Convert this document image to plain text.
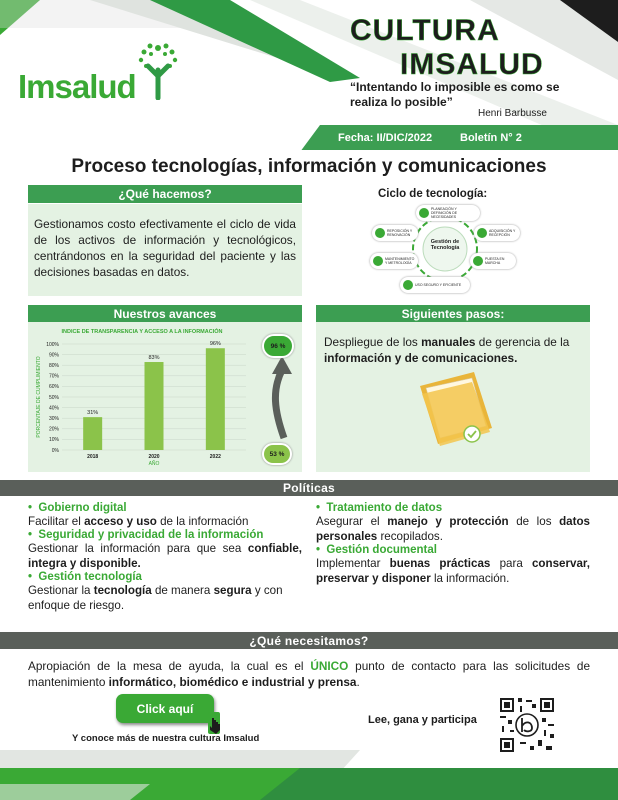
Imsalud
CULTURA
IMSALUD
“Intentando lo imposible es como se realiza lo posible”
Henri Barbusse
Fecha: II/DIC/2022	Boletín N° 2
Proceso tecnologías, información y comunicaciones
¿Qué hacemos?
Gestionamos costo efectivamente el ciclo de vida de los activos de información y tecnológicos, centrándonos en la seguridad del paciente y las decisiones basadas en datos.
Ciclo de tecnología:
Gestión de Tecnología
PLANEACIÓN Y DEFINICIÓN DE NECESIDADES
ADQUISICIÓN Y RECEPCIÓN
PUESTA EN MARCHA
USO SEGURO Y EFICIENTE
MANTENIMIENTO Y METROLOGÍA
REPOSICIÓN Y RENOVACIÓN
Nuestros avances
INDICE DE TRANSPARENCIA Y ACCESO A LA INFORMACIÓN
0%
10%
20%
30%
40%
50%
60%
70%
80%
90%
100%
PORCENTAJE DE CUMPLIMIENTO	31%
2018
83%
2020
96%
2022
AÑO
96 %
53 %
Siguientes pasos:
Despliegue de los manuales de gerencia de la información y de comunicaciones.
Políticas
•  Gobierno digital
Facilitar el acceso y uso de la información
•  Seguridad y privacidad de la información
Gestionar la información para que sea confiable, integra y disponible.
•  Gestión tecnología
Gestionar la tecnología de manera segura y con enfoque de riesgo.
•  Tratamiento de datos
Asegurar el manejo y protección de los datos personales recopilados.
•  Gestión documental
Implementar buenas prácticas para conservar, preservar y disponer la información.
¿Qué necesitamos?
Apropiación de la mesa de ayuda, la cual es el ÚNICO punto de contacto para las solicitudes de mantenimiento informático, biomédico e industrial y prensa.
Click aquí
Y conoce más de nuestra cultura Imsalud
Lee, gana y participa
